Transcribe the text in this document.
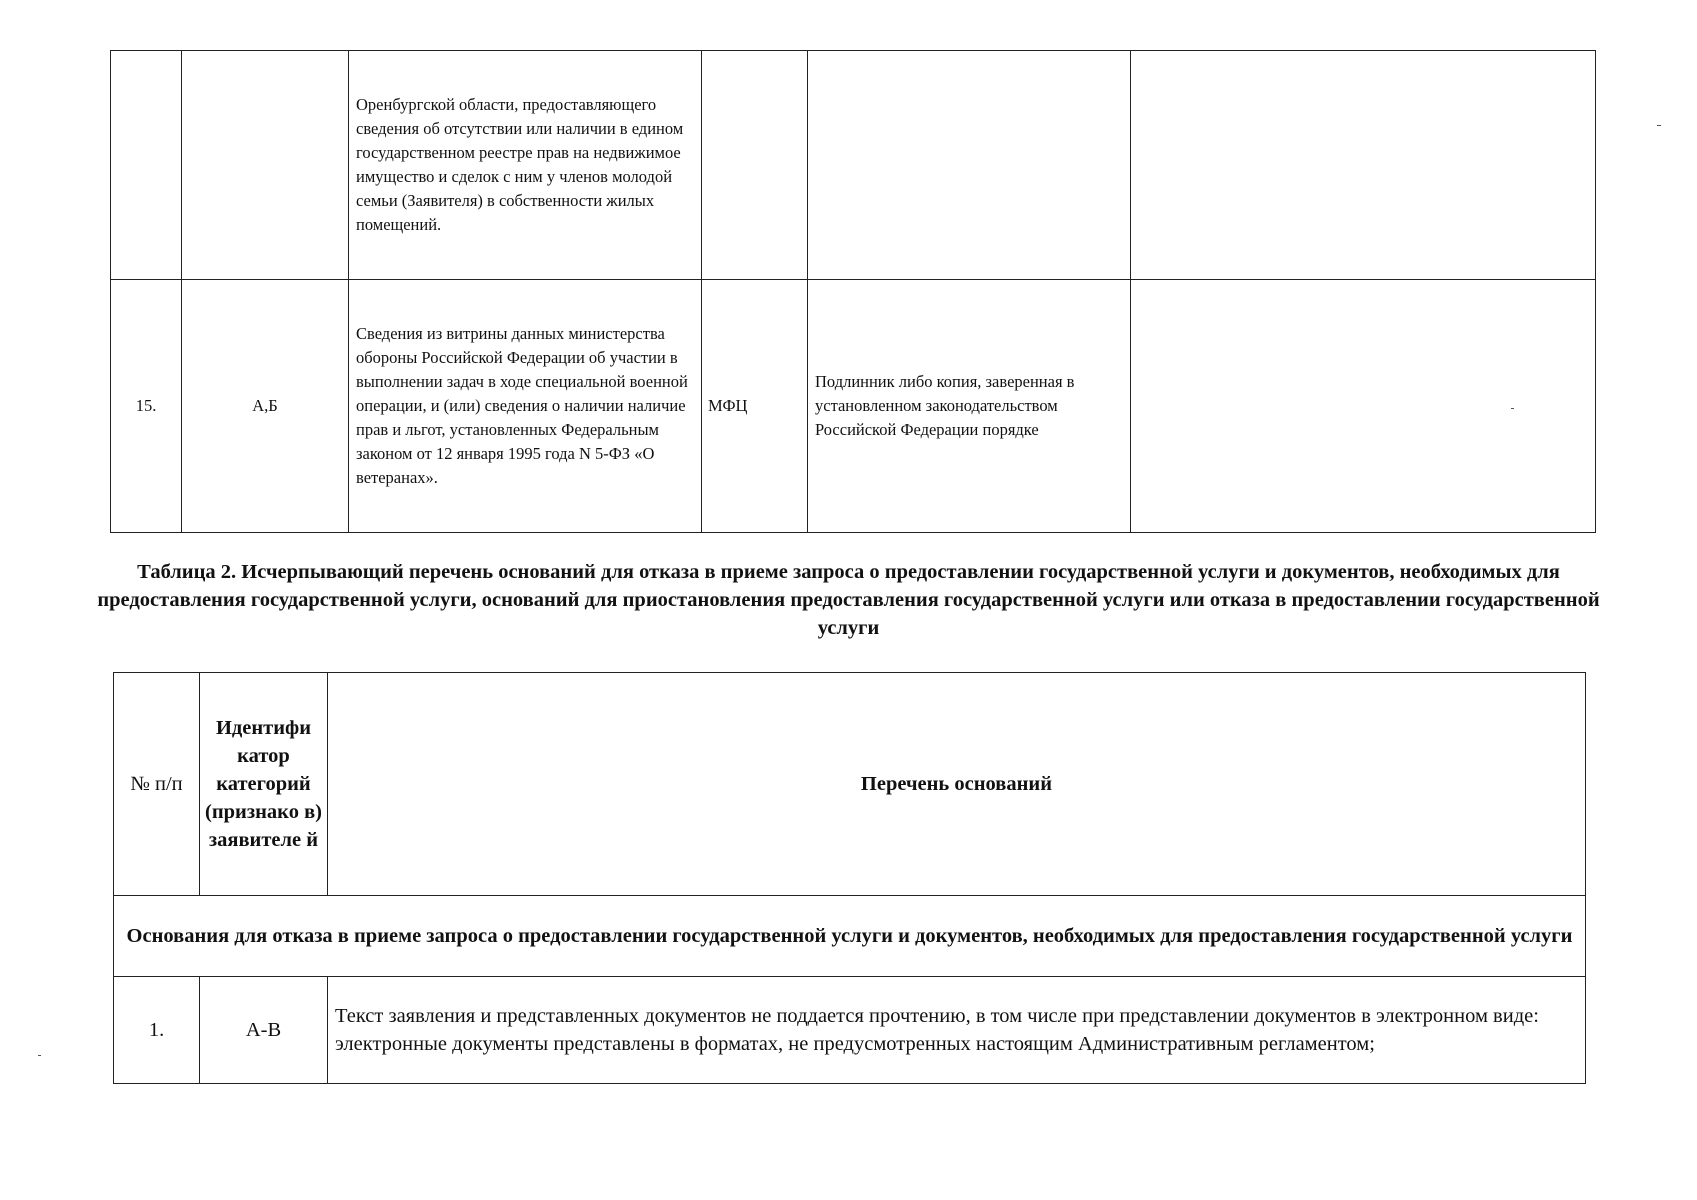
		Оренбургской области, предоставляющего сведения об отсутствии или наличии в едином государственном реестре прав на недвижимое имущество и сделок с ним у членов молодой семьи (Заявителя) в собственности жилых помещений.			
15.	А,Б	Сведения из витрины данных министерства обороны Российской Федерации об участии в выполнении задач в ходе специальной военной операции, и (или) сведения о наличии наличие прав и льгот, установленных Федеральным законом от 12 января 1995 года N 5-ФЗ «О ветеранах».	МФЦ	Подлинник либо копия, заверенная в установленном законодательством Российской Федерации порядке	
Таблица 2. Исчерпывающий перечень оснований для отказа в приеме запроса о предоставлении государственной услуги и документов, необходимых для предоставления государственной услуги, оснований для приостановления предоставления государственной услуги или отказа в предоставлении государственной услуги
№ п/п	Идентифи катор категорий (признако в) заявителе й	Перечень оснований
Основания для отказа в приеме запроса о предоставлении государственной услуги и документов, необходимых для предоставления государственной услуги		
1.	А-В	Текст заявления и представленных документов не поддается прочтению, в том числе при представлении документов в электронном виде:
электронные документы представлены в форматах, не предусмотренных настоящим Административным регламентом;
